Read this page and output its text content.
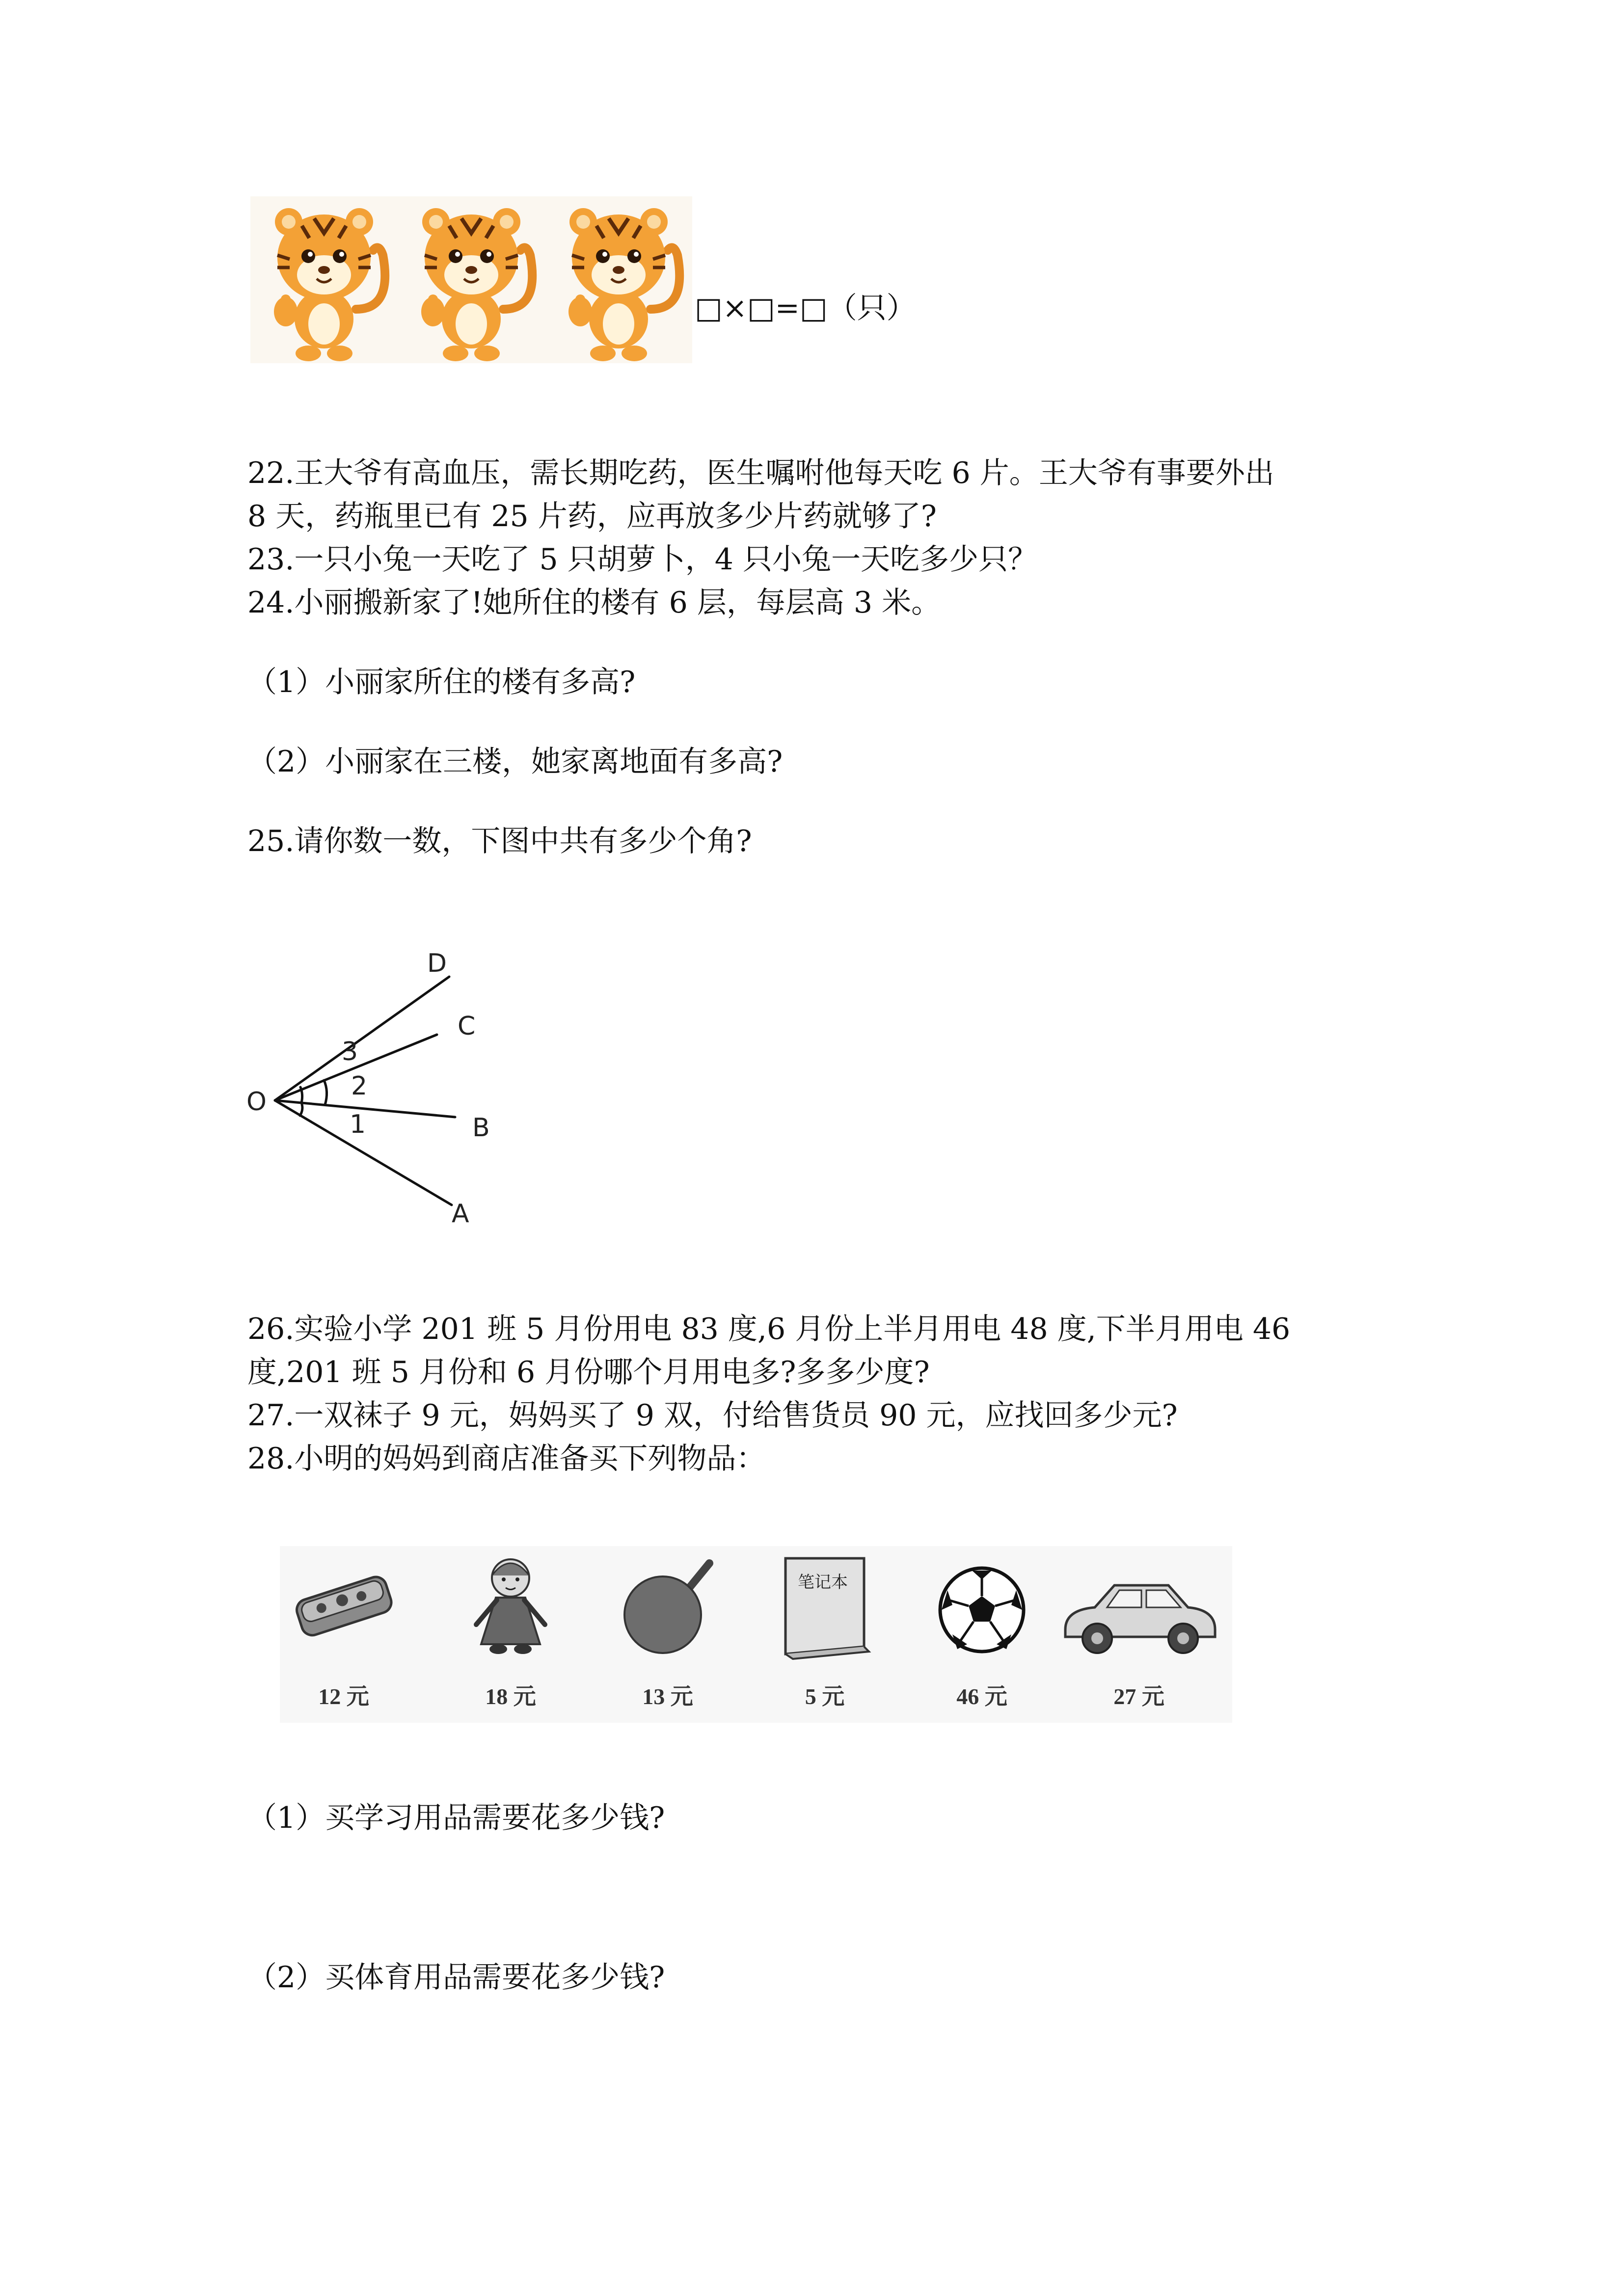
□×□=□（只）
22.王大爷有高血压，需长期吃药，医生嘱咐他每天吃 6 片。王大爷有事要外出
8 天，药瓶里已有 25 片药，应再放多少片药就够了?
23.一只小兔一天吃了 5 只胡萝卜，4 只小兔一天吃多少只？
24.小丽搬新家了!她所住的楼有 6 层，每层高 3 米。
（1）小丽家所住的楼有多高?
（2）小丽家在三楼，她家离地面有多高?
25.请你数一数，下图中共有多少个角?
O
D
C
B
A
3
2
1
26.实验小学 201 班 5 月份用电 83 度,6 月份上半月用电 48 度,下半月用电 46
度,201 班 5 月份和 6 月份哪个月用电多?多多少度?
27.一双袜子 9 元，妈妈买了 9 双，付给售货员 90 元，应找回多少元?
28.小明的妈妈到商店准备买下列物品：
12 元	18 元	13 元
笔记本
5 元	46 元	27 元
（1）买学习用品需要花多少钱?
（2）买体育用品需要花多少钱?
